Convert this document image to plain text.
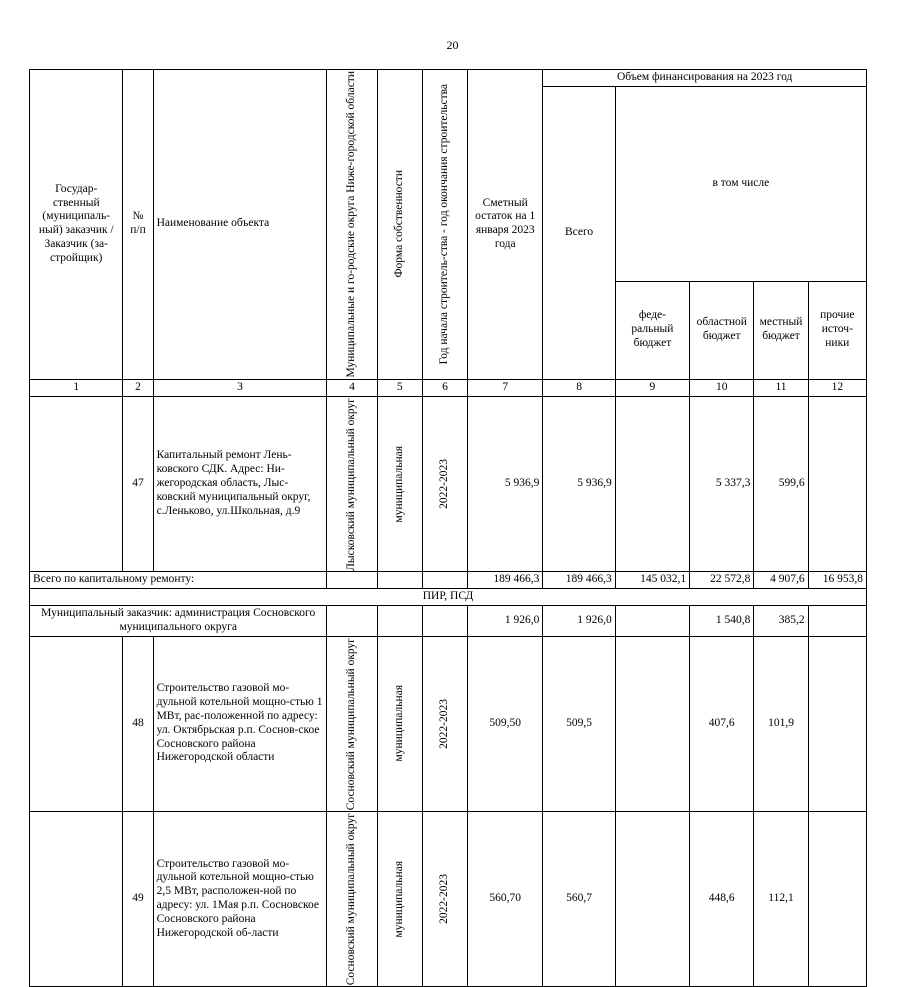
20
Государ-ственный (муниципаль-ный) заказчик /Заказчик (за-стройщик)	№ п/п	Наименование объекта	Муниципальные и го-родские округа Ниже-городской области	Форма собственности	Год начала строитель-ства - год окончания строительства	Сметный остаток на 1 января 2023 года	Объем финансирования на 2023 год				
							Всего	в том числе			
								феде-ральный бюджет	областной бюджет	местный бюджет	прочие источ-ники
1	2	3	4	5	6	7	8	9	10	11	12
	47	Капитальный ремонт Лень-ковского СДК. Адрес: Ни-жегородская область, Лыс-ковский муниципальный округ, с.Леньково, ул.Школьная, д.9	Лысковский муниципальный округ	муниципальная	2022-2023	5 936,9	5 936,9		5 337,3	599,6	
Всего по капитальному ремонту:						189 466,3	189 466,3	145 032,1	22 572,8	4 907,6	16 953,8
ПИР, ПСД											
Муниципальный заказчик: администрация Сосновского муниципального округа						1 926,0	1 926,0		1 540,8	385,2	
	48	Строительство газовой мо-дульной котельной мощно-стью 1 МВт, рас-положенной по адресу: ул. Октябрьская р.п. Соснов-ское Сосновского района Нижегородской области	Сосновский муниципальный округ	муниципальная	2022-2023	509,50	509,5		407,6	101,9	
	49	Строительство газовой мо-дульной котельной мощно-стью 2,5 МВт, расположен-ной по адресу: ул. 1Мая р.п. Сосновское Сосновского района Нижегородской об-ласти	Сосновский муниципальный округ	муниципальная	2022-2023	560,70	560,7		448,6	112,1	
